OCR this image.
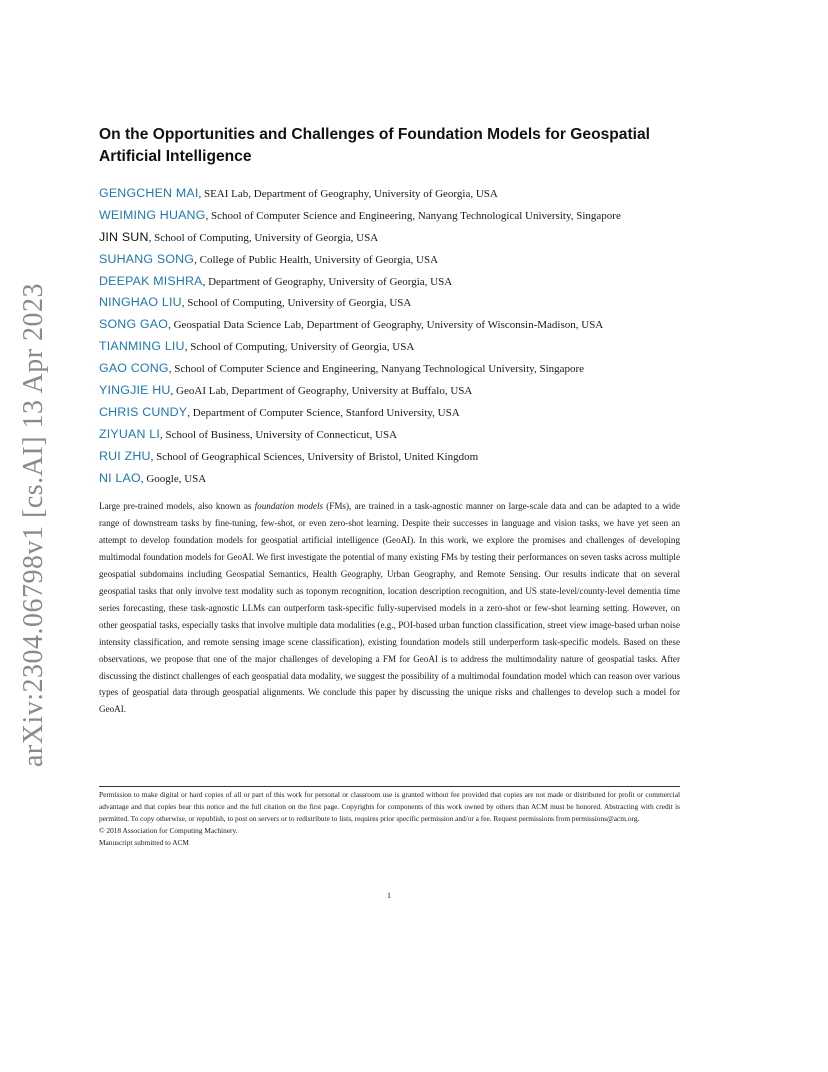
arXiv:2304.06798v1 [cs.AI] 13 Apr 2023
On the Opportunities and Challenges of Foundation Models for Geospatial Artificial Intelligence
GENGCHEN MAI, SEAI Lab, Department of Geography, University of Georgia, USA
WEIMING HUANG, School of Computer Science and Engineering, Nanyang Technological University, Singapore
JIN SUN, School of Computing, University of Georgia, USA
SUHANG SONG, College of Public Health, University of Georgia, USA
DEEPAK MISHRA, Department of Geography, University of Georgia, USA
NINGHAO LIU, School of Computing, University of Georgia, USA
SONG GAO, Geospatial Data Science Lab, Department of Geography, University of Wisconsin-Madison, USA
TIANMING LIU, School of Computing, University of Georgia, USA
GAO CONG, School of Computer Science and Engineering, Nanyang Technological University, Singapore
YINGJIE HU, GeoAI Lab, Department of Geography, University at Buffalo, USA
CHRIS CUNDY, Department of Computer Science, Stanford University, USA
ZIYUAN LI, School of Business, University of Connecticut, USA
RUI ZHU, School of Geographical Sciences, University of Bristol, United Kingdom
NI LAO, Google, USA

Large pre-trained models, also known as foundation models (FMs), are trained in a task-agnostic manner on large-scale data and can be adapted to a wide range of downstream tasks by fine-tuning, few-shot, or even zero-shot learning. Despite their successes in language and vision tasks, we have yet seen an attempt to develop foundation models for geospatial artificial intelligence (GeoAI). In this work, we explore the promises and challenges of developing multimodal foundation models for GeoAI. We first investigate the potential of many existing FMs by testing their performances on seven tasks across multiple geospatial subdomains including Geospatial Semantics, Health Geography, Urban Geography, and Remote Sensing. Our results indicate that on several geospatial tasks that only involve text modality such as toponym recognition, location description recognition, and US state-level/county-level dementia time series forecasting, these task-agnostic LLMs can outperform task-specific fully-supervised models in a zero-shot or few-shot learning setting. However, on other geospatial tasks, especially tasks that involve multiple data modalities (e.g., POI-based urban function classification, street view image-based urban noise intensity classification, and remote sensing image scene classification), existing foundation models still underperform task-specific models. Based on these observations, we propose that one of the major challenges of developing a FM for GeoAI is to address the multimodality nature of geospatial tasks. After discussing the distinct challenges of each geospatial data modality, we suggest the possibility of a multimodal foundation model which can reason over various types of geospatial data through geospatial alignments. We conclude this paper by discussing the unique risks and challenges to develop such a model for GeoAI.

Permission to make digital or hard copies of all or part of this work for personal or classroom use is granted without fee provided that copies are not made or distributed for profit or commercial advantage and that copies bear this notice and the full citation on the first page. Copyrights for components of this work owned by others than ACM must be honored. Abstracting with credit is permitted. To copy otherwise, or republish, to post on servers or to redistribute to lists, requires prior specific permission and/or a fee. Request permissions from permissions@acm.org.

© 2018 Association for Computing Machinery.

Manuscript submitted to ACM

1
